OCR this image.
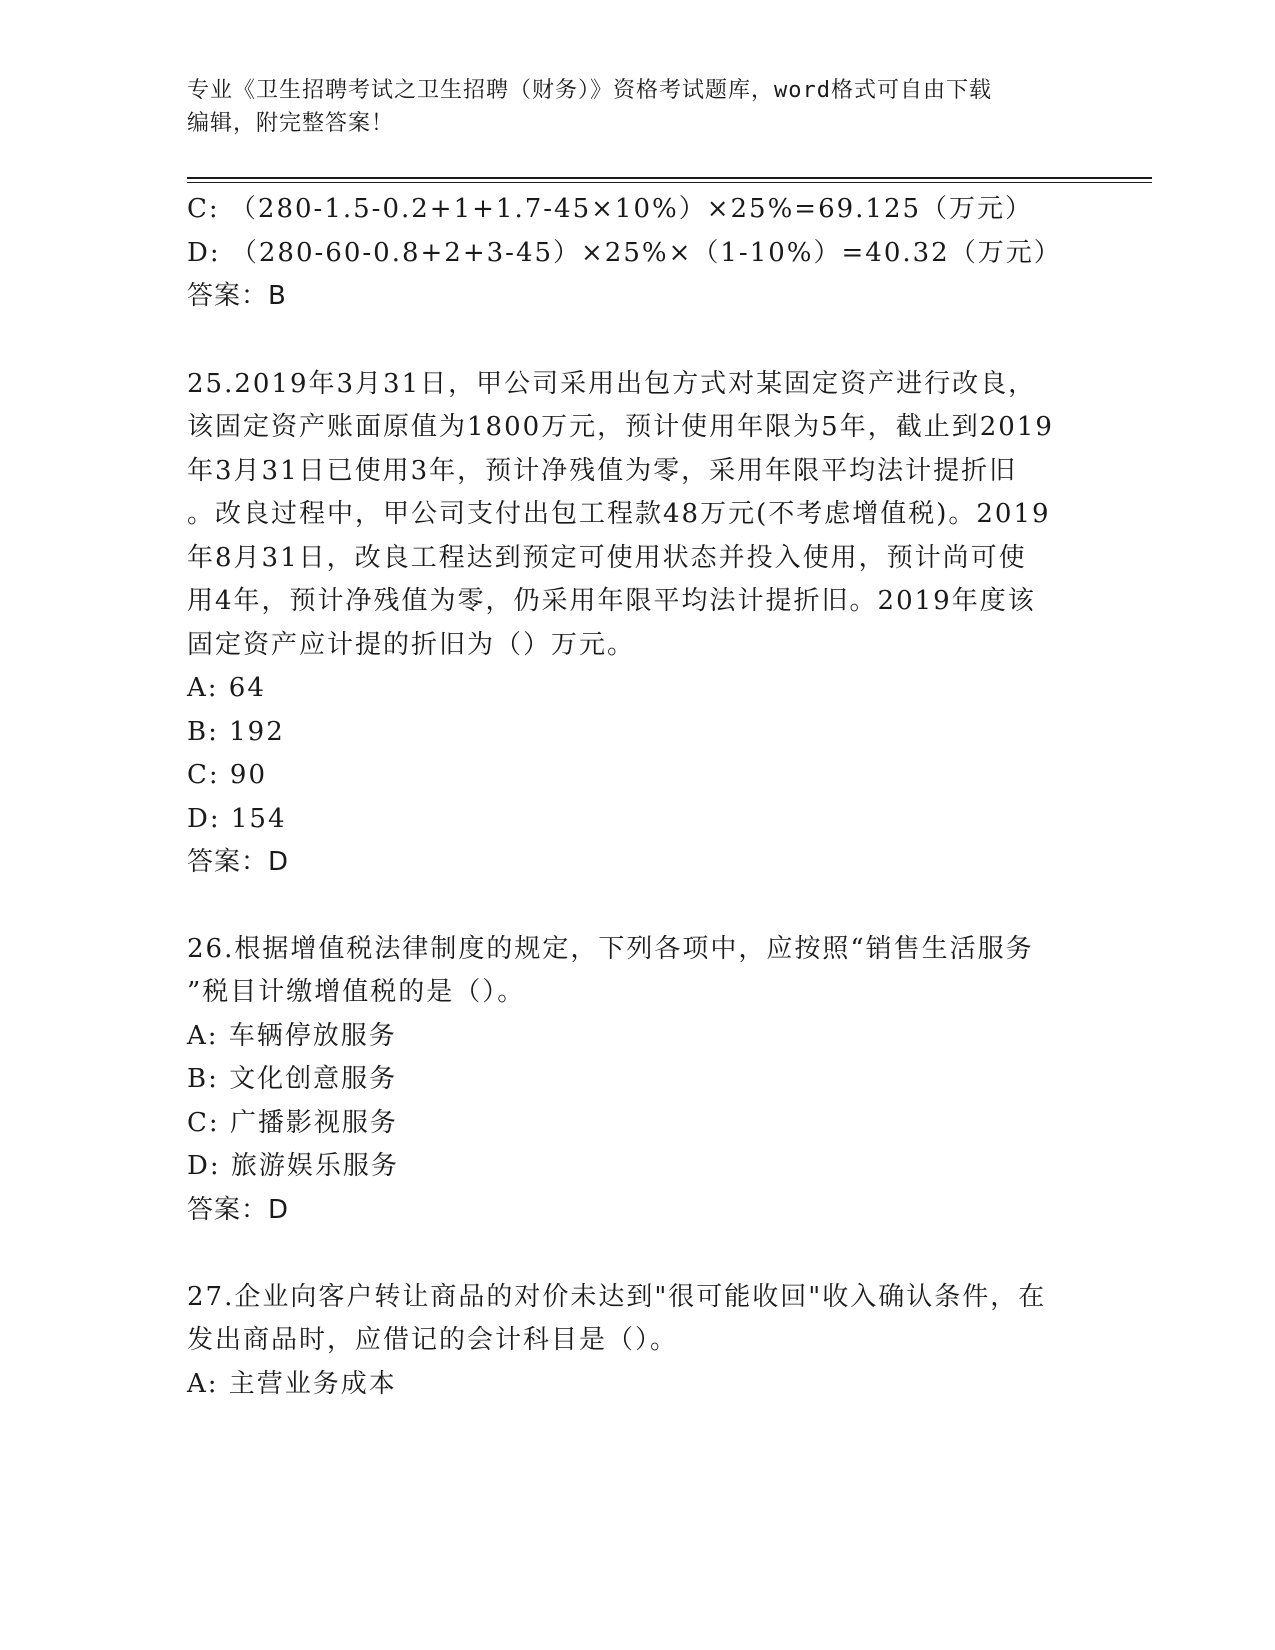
专业《卫生招聘考试之卫生招聘（财务）》资格考试题库，word格式可自由下载
编辑，附完整答案！
C: （280-1.5-0.2+1+1.7-45×10%）×25%=69.125（万元）
D: （280-60-0.8+2+3-45）×25%×（1-10%）=40.32（万元）
答案：B
25.2019年3月31日，甲公司采用出包方式对某固定资产进行改良，
该固定资产账面原值为1800万元，预计使用年限为5年，截止到2019
年3月31日已使用3年，预计净残值为零，采用年限平均法计提折旧
。改良过程中，甲公司支付出包工程款48万元(不考虑增值税)。2019
年8月31日，改良工程达到预定可使用状态并投入使用，预计尚可使
用4年，预计净残值为零，仍采用年限平均法计提折旧。2019年度该
固定资产应计提的折旧为（）万元。
A: 64
B: 192
C: 90
D: 154
答案：D
26.根据增值税法律制度的规定，下列各项中，应按照“销售生活服务
”税目计缴增值税的是（）。
A: 车辆停放服务
B: 文化创意服务
C: 广播影视服务
D: 旅游娱乐服务
答案：D
27.企业向客户转让商品的对价未达到"很可能收回"收入确认条件，在
发出商品时，应借记的会计科目是（）。
A: 主营业务成本
